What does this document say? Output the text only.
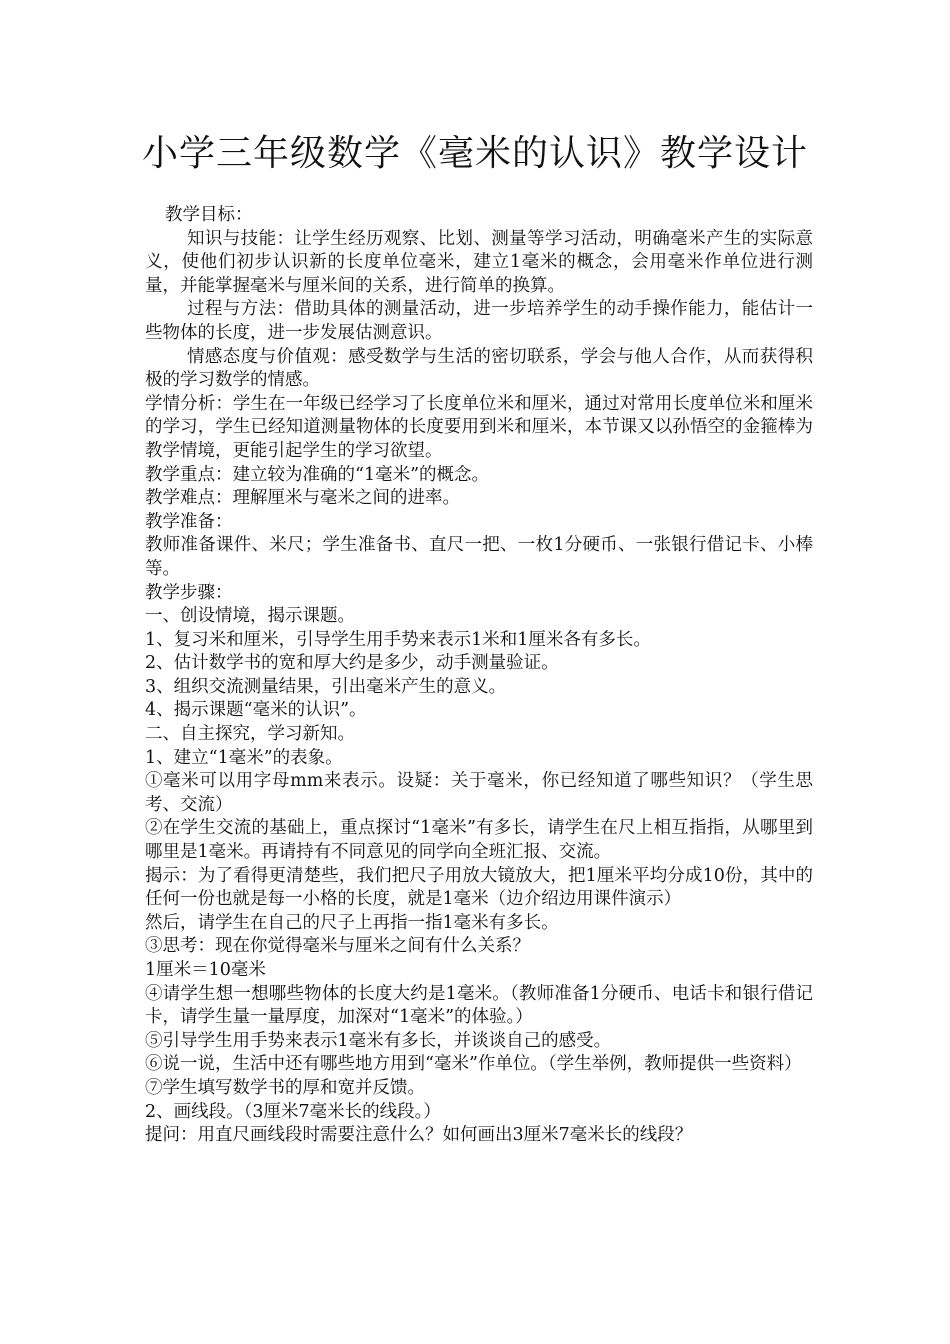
小学三年级数学《毫米的认识》教学设计

教学目标：

知识与技能：让学生经历观察、比划、测量等学习活动，明确毫米产生的实际意义，使他们初步认识新的长度单位毫米，建立1毫米的概念，会用毫米作单位进行测量，并能掌握毫米与厘米间的关系，进行简单的换算。

过程与方法：借助具体的测量活动，进一步培养学生的动手操作能力，能估计一些物体的长度，进一步发展估测意识。

情感态度与价值观：感受数学与生活的密切联系，学会与他人合作，从而获得积极的学习数学的情感。

学情分析：学生在一年级已经学习了长度单位米和厘米，通过对常用长度单位米和厘米的学习，学生已经知道测量物体的长度要用到米和厘米，本节课又以孙悟空的金箍棒为教学情境，更能引起学生的学习欲望。

教学重点：建立较为准确的“1毫米”的概念。

教学难点：理解厘米与毫米之间的进率。

教学准备：

教师准备课件、米尺；学生准备书、直尺一把、一枚1分硬币、一张银行借记卡、小棒等。

教学步骤：

一、创设情境，揭示课题。

1、复习米和厘米，引导学生用手势来表示1米和1厘米各有多长。

2、估计数学书的宽和厚大约是多少，动手测量验证。

3、组织交流测量结果，引出毫米产生的意义。

4、揭示课题“毫米的认识”。

二、自主探究，学习新知。

1、建立“1毫米”的表象。

①毫米可以用字母mm来表示。设疑：关于毫米，你已经知道了哪些知识？（学生思考、交流）

②在学生交流的基础上，重点探讨“1毫米”有多长，请学生在尺上相互指指，从哪里到哪里是1毫米。再请持有不同意见的同学向全班汇报、交流。

揭示：为了看得更清楚些，我们把尺子用放大镜放大，把1厘米平均分成10份，其中的任何一份也就是每一小格的长度，就是1毫米（边介绍边用课件演示）

然后，请学生在自己的尺子上再指一指1毫米有多长。

③思考：现在你觉得毫米与厘米之间有什么关系？

1厘米＝10毫米

④请学生想一想哪些物体的长度大约是1毫米。（教师准备1分硬币、电话卡和银行借记卡，请学生量一量厚度，加深对“1毫米”的体验。）

⑤引导学生用手势来表示1毫米有多长，并谈谈自己的感受。

⑥说一说，生活中还有哪些地方用到“毫米”作单位。（学生举例，教师提供一些资料）

⑦学生填写数学书的厚和宽并反馈。

2、画线段。（3厘米7毫米长的线段。）

提问：用直尺画线段时需要注意什么？如何画出3厘米7毫米长的线段？
